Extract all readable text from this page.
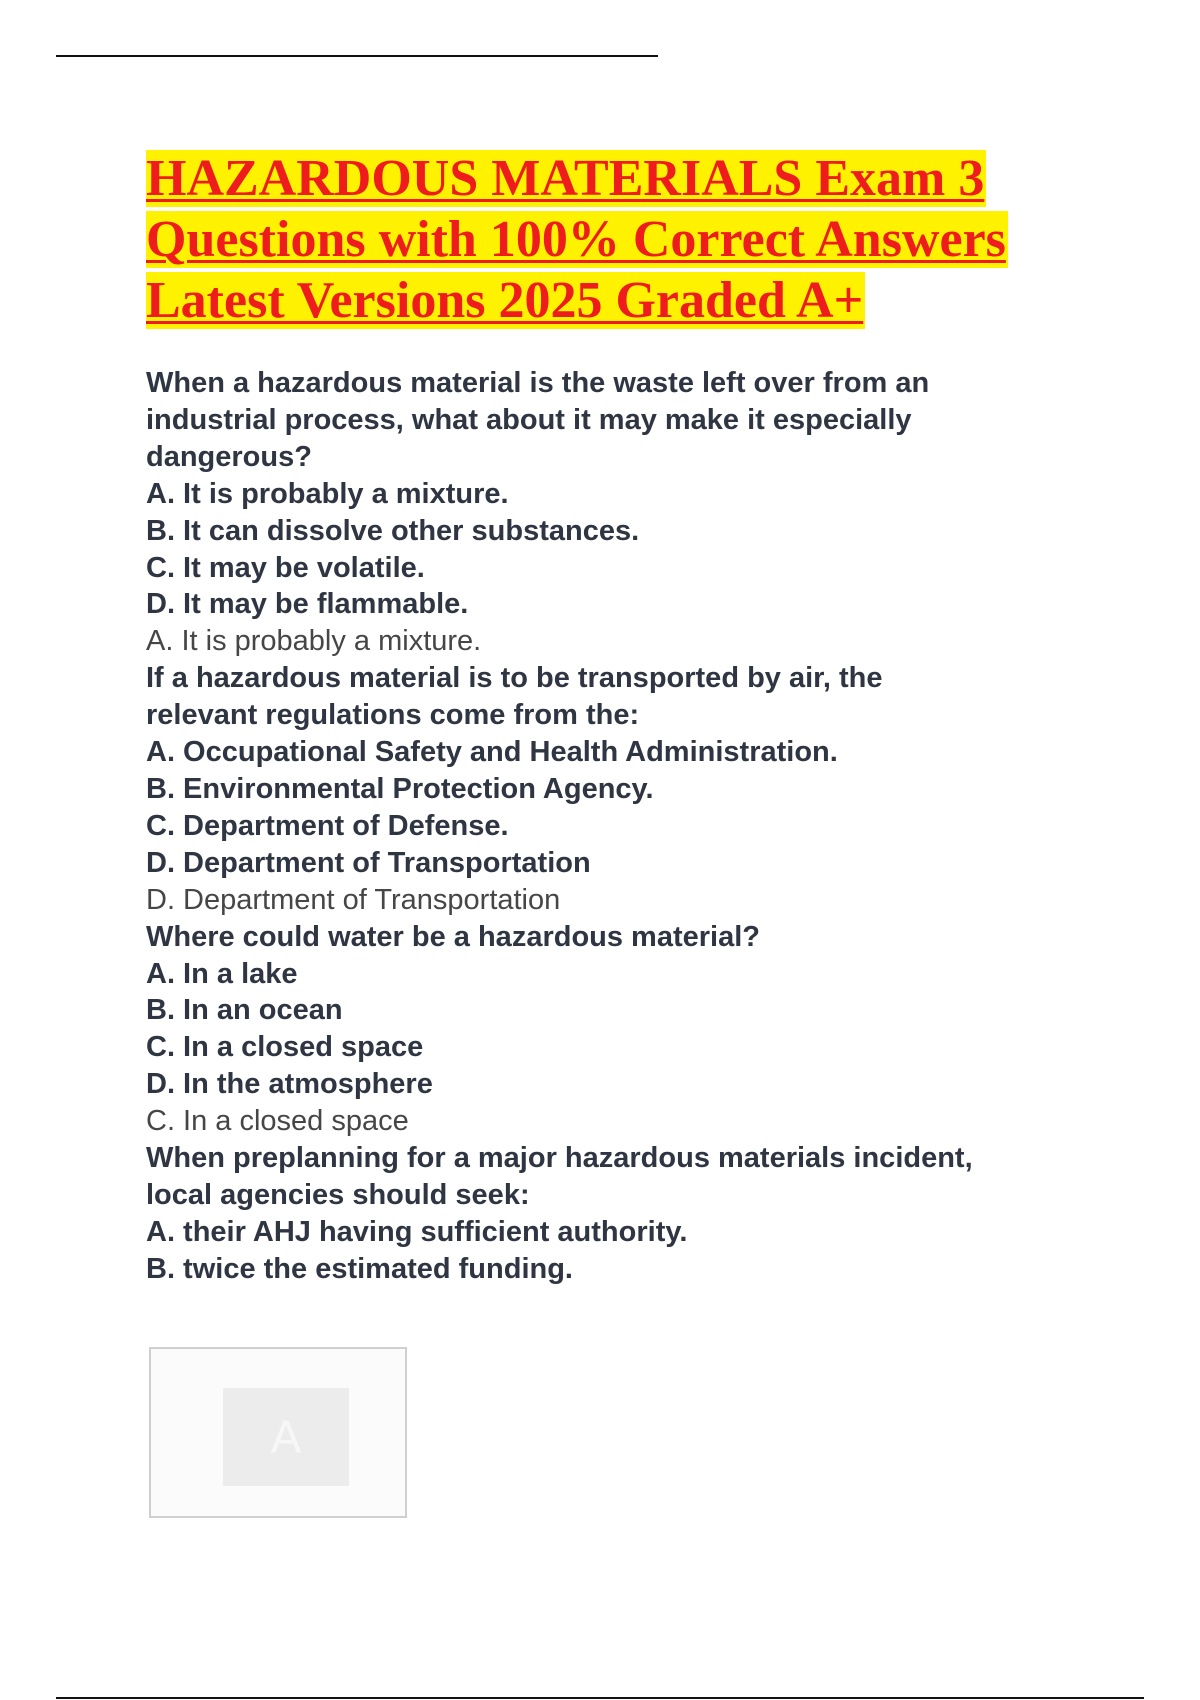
HAZARDOUS MATERIALS Exam 3
Questions with 100% Correct Answers
Latest Versions 2025 Graded A+
When a hazardous material is the waste left over from an
industrial process, what about it may make it especially
dangerous?
A. It is probably a mixture.
B. It can dissolve other substances.
C. It may be volatile.
D. It may be flammable.
A. It is probably a mixture.
If a hazardous material is to be transported by air, the
relevant regulations come from the:
A. Occupational Safety and Health Administration.
B. Environmental Protection Agency.
C. Department of Defense.
D. Department of Transportation
D. Department of Transportation
Where could water be a hazardous material?
A. In a lake
B. In an ocean
C. In a closed space
D. In the atmosphere
C. In a closed space
When preplanning for a major hazardous materials incident,
local agencies should seek:
A. their AHJ having sufficient authority.
B. twice the estimated funding.
A
